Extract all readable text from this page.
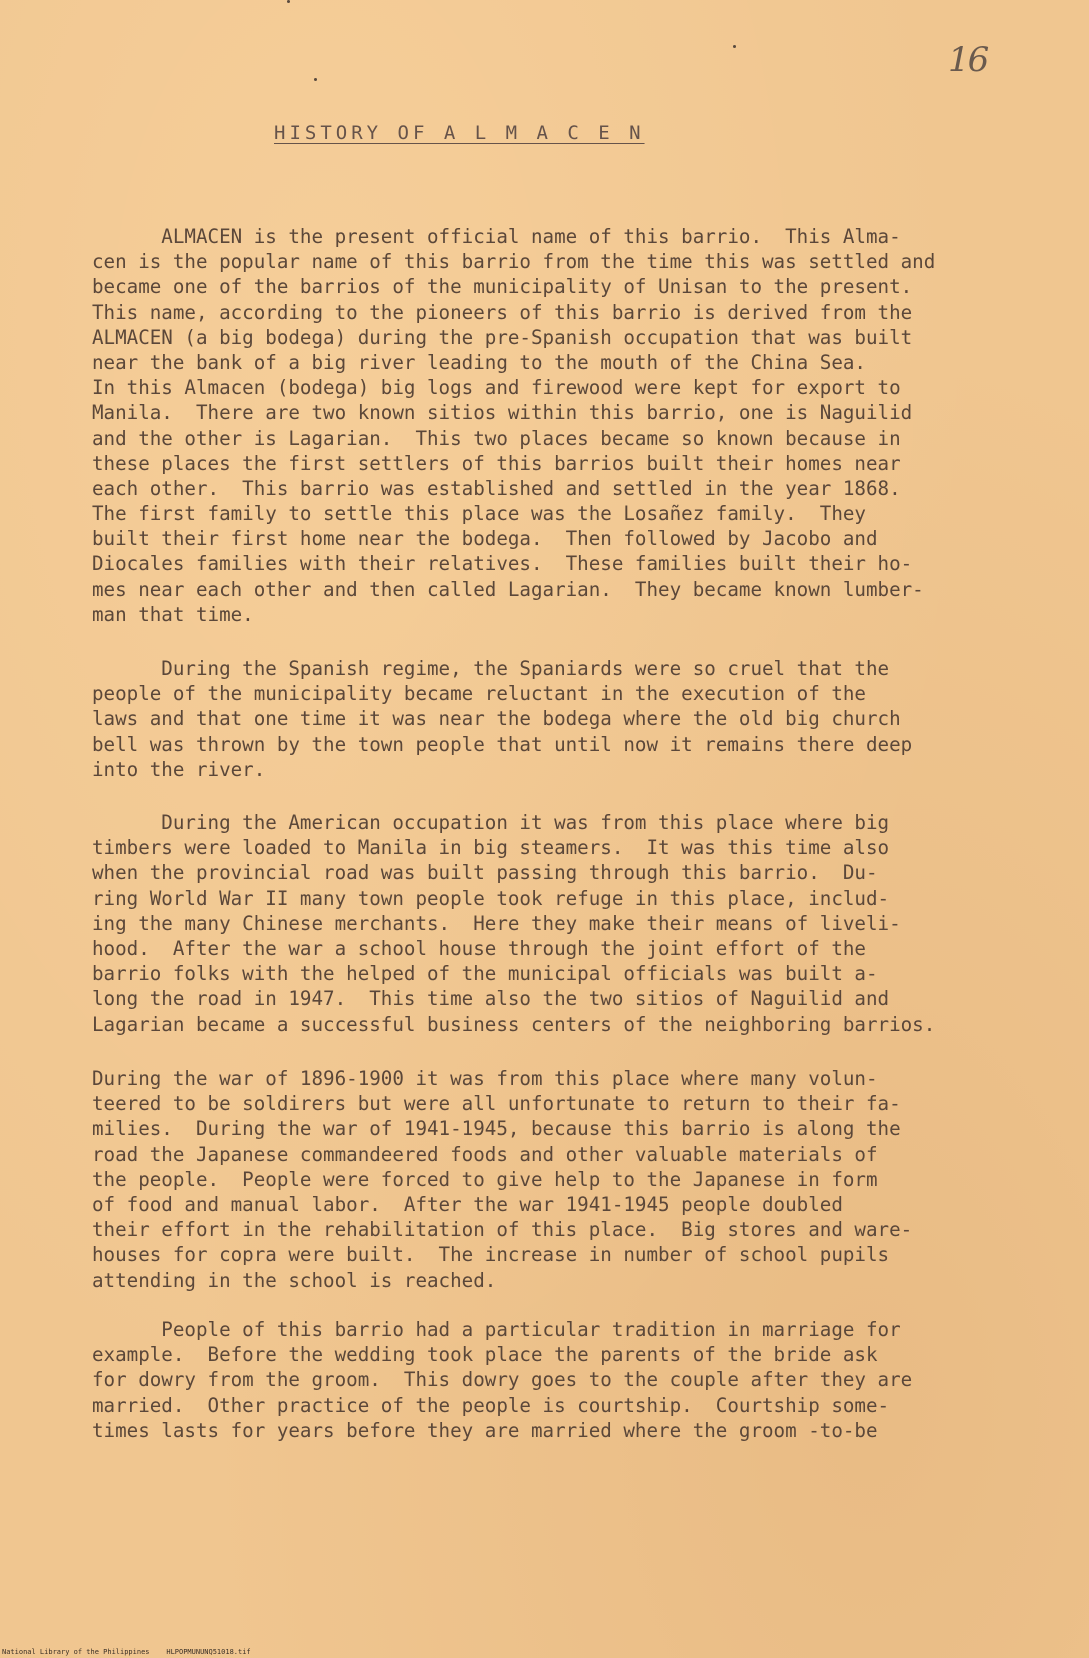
16
HISTORY OF A L M A C E N
ALMACEN is the present official name of this barrio.  This Alma-
cen is the popular name of this barrio from the time this was settled and
became one of the barrios of the municipality of Unisan to the present.
This name, according to the pioneers of this barrio is derived from the
ALMACEN (a big bodega) during the pre-Spanish occupation that was built
near the bank of a big river leading to the mouth of the China Sea.
In this Almacen (bodega) big logs and firewood were kept for export to
Manila.  There are two known sitios within this barrio, one is Naguilid
and the other is Lagarian.  This two places became so known because in
these places the first settlers of this barrios built their homes near
each other.  This barrio was established and settled in the year 1868.
The first family to settle this place was the Losañez family.  They
built their first home near the bodega.  Then followed by Jacobo and
Diocales families with their relatives.  These families built their ho-
mes near each other and then called Lagarian.  They became known lumber-
man that time.
During the Spanish regime, the Spaniards were so cruel that the
people of the municipality became reluctant in the execution of the
laws and that one time it was near the bodega where the old big church
bell was thrown by the town people that until now it remains there deep
into the river.
During the American occupation it was from this place where big
timbers were loaded to Manila in big steamers.  It was this time also
when the provincial road was built passing through this barrio.  Du-
ring World War II many town people took refuge in this place, includ-
ing the many Chinese merchants.  Here they make their means of liveli-
hood.  After the war a school house through the joint effort of the
barrio folks with the helped of the municipal officials was built a-
long the road in 1947.  This time also the two sitios of Naguilid and
Lagarian became a successful business centers of the neighboring barrios.
During the war of 1896-1900 it was from this place where many volun-
teered to be soldirers but were all unfortunate to return to their fa-
milies.  During the war of 1941-1945, because this barrio is along the
road the Japanese commandeered foods and other valuable materials of
the people.  People were forced to give help to the Japanese in form
of food and manual labor.  After the war 1941-1945 people doubled
their effort in the rehabilitation of this place.  Big stores and ware-
houses for copra were built.  The increase in number of school pupils
attending in the school is reached.
People of this barrio had a particular tradition in marriage for
example.  Before the wedding took place the parents of the bride ask
for dowry from the groom.  This dowry goes to the couple after they are
married.  Other practice of the people is courtship.  Courtship some-
times lasts for years before they are married where the groom -to-be
National Library of the Philippines    HLPOPMUNUNQ51018.tif
